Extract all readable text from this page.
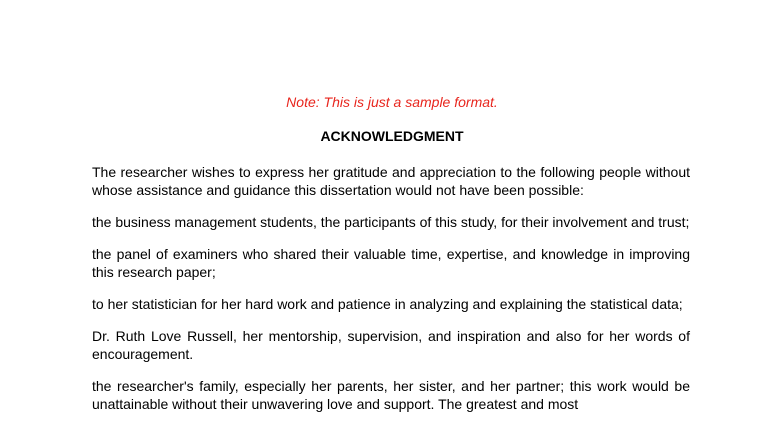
Note: This is just a sample format.
ACKNOWLEDGMENT

The researcher wishes to express her gratitude and appreciation to the following people without whose assistance and guidance this dissertation would not have been possible:

the business management students, the participants of this study, for their involvement and trust;

the panel of examiners who shared their valuable time, expertise, and knowledge in improving this research paper;

to her statistician for her hard work and patience in analyzing and explaining the statistical data;

Dr. Ruth Love Russell, her mentorship, supervision, and inspiration and also for her words of encouragement.

the researcher's family, especially her parents, her sister, and her partner; this work would be unattainable without their unwavering love and support. The greatest and most
